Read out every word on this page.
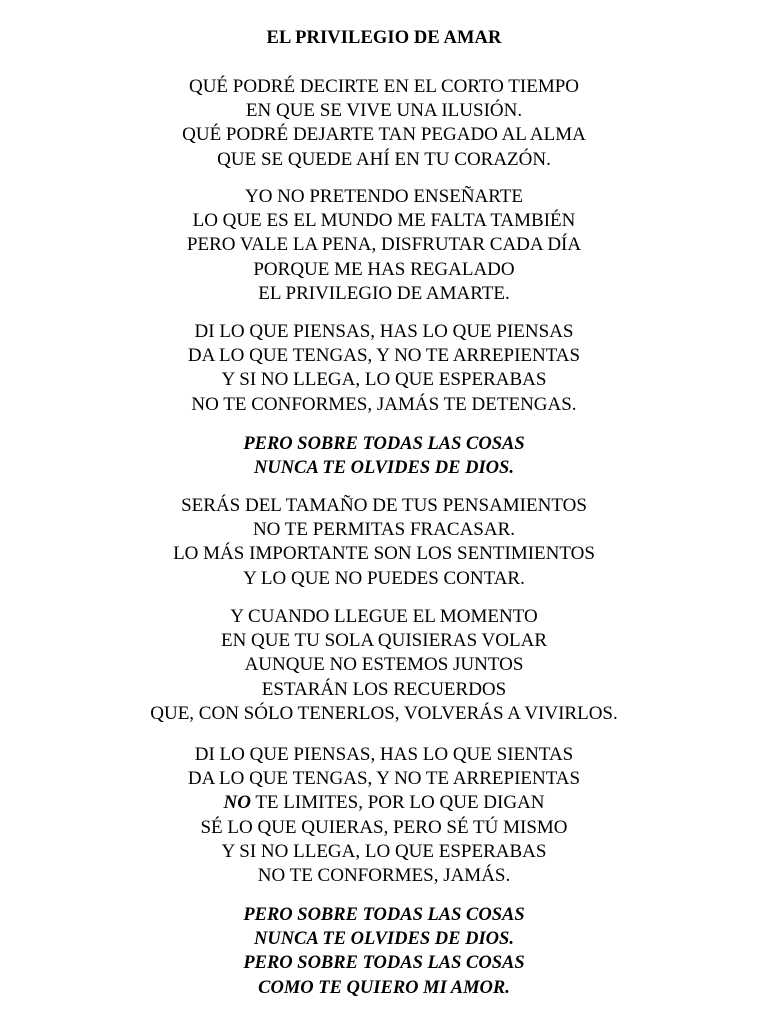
EL PRIVILEGIO DE AMAR
QUÉ PODRÉ DECIRTE EN EL CORTO TIEMPO
EN QUE SE VIVE UNA ILUSIÓN.
QUÉ PODRÉ DEJARTE TAN PEGADO AL ALMA
QUE SE QUEDE AHÍ EN TU CORAZÓN.
YO NO PRETENDO ENSEÑARTE
LO QUE ES EL MUNDO ME FALTA TAMBIÉN
PERO VALE LA PENA, DISFRUTAR CADA DÍA
PORQUE ME HAS REGALADO
EL PRIVILEGIO DE AMARTE.
DI LO QUE PIENSAS, HAS LO QUE PIENSAS
DA LO QUE TENGAS, Y NO TE ARREPIENTAS
Y SI NO LLEGA, LO QUE ESPERABAS
NO TE CONFORMES, JAMÁS TE DETENGAS.
PERO SOBRE TODAS LAS COSAS
NUNCA TE OLVIDES DE DIOS.
SERÁS DEL TAMAÑO DE TUS PENSAMIENTOS
NO TE PERMITAS FRACASAR.
LO MÁS IMPORTANTE SON LOS SENTIMIENTOS
Y LO QUE NO PUEDES CONTAR.
Y CUANDO LLEGUE EL MOMENTO
EN QUE TU SOLA QUISIERAS VOLAR
AUNQUE NO ESTEMOS JUNTOS
ESTARÁN LOS RECUERDOS
QUE, CON SÓLO TENERLOS, VOLVERÁS A VIVIRLOS.
DI LO QUE PIENSAS, HAS LO QUE SIENTAS
DA LO QUE TENGAS, Y NO TE ARREPIENTAS
NO TE LIMITES, POR LO QUE DIGAN
SÉ LO QUE QUIERAS, PERO SÉ TÚ MISMO
Y SI NO LLEGA, LO QUE ESPERABAS
NO TE CONFORMES, JAMÁS.
PERO SOBRE TODAS LAS COSAS
NUNCA TE OLVIDES DE DIOS.
PERO SOBRE TODAS LAS COSAS
COMO TE QUIERO MI AMOR.
